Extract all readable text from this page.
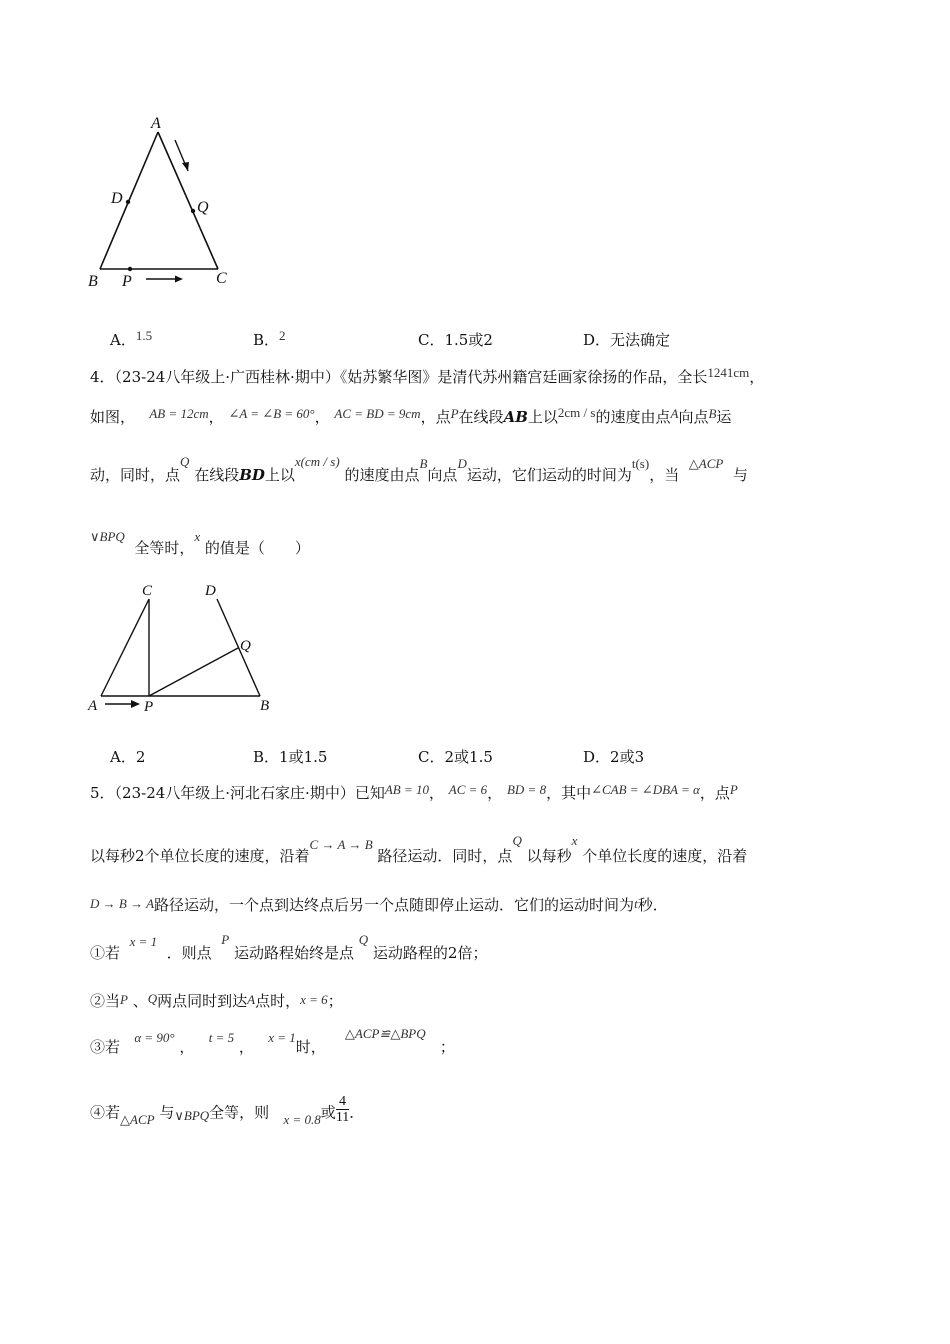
A
D
Q
B P	C
A．1.5	B．2	C．1.5或2	D．无法确定
4．（23-24八年级上·广西桂林·期中）《姑苏繁华图》是清代苏州籍宫廷画家徐扬的作品，全长1241cm，
如图， AB = 12cm， ∠A = ∠B = 60°， AC = BD = 9cm，点P在线段AB上以2cm / s的速度由点A向点B运
动，同时，点Q 在线段BD上以x(cm / s) 的速度由点B向点D运动，它们运动的时间为t(s)，当  △ACP  与
∨BPQ  全等时，x 的值是（　　）
C	D
Q
A	P	B
A．2	B．1或1.5	C．2或1.5	D．2或3
5．（23-24八年级上·河北石家庄·期中）已知AB = 10， AC = 6， BD = 8，其中∠CAB = ∠DBA = α，点P
以每秒2个单位长度的速度，沿着C → A → B 路径运动．同时，点Q 以每秒x 个单位长度的速度，沿着
D → B → A路径运动，一个点到达终点后另一个点随即停止运动．它们的运动时间为t秒．
①若  x = 1  ．则点  P 运动路程始终是点 Q 运动路程的2倍；
②当P 、Q两点同时到达A点时，x = 6；
③若   α = 90° ，   t = 5 ，   x = 1时，    △ACP≌△BPQ   ；
④若△ACP 与∨BPQ全等，则 x = 0.8或 $\frac{4}{11}$ ．
